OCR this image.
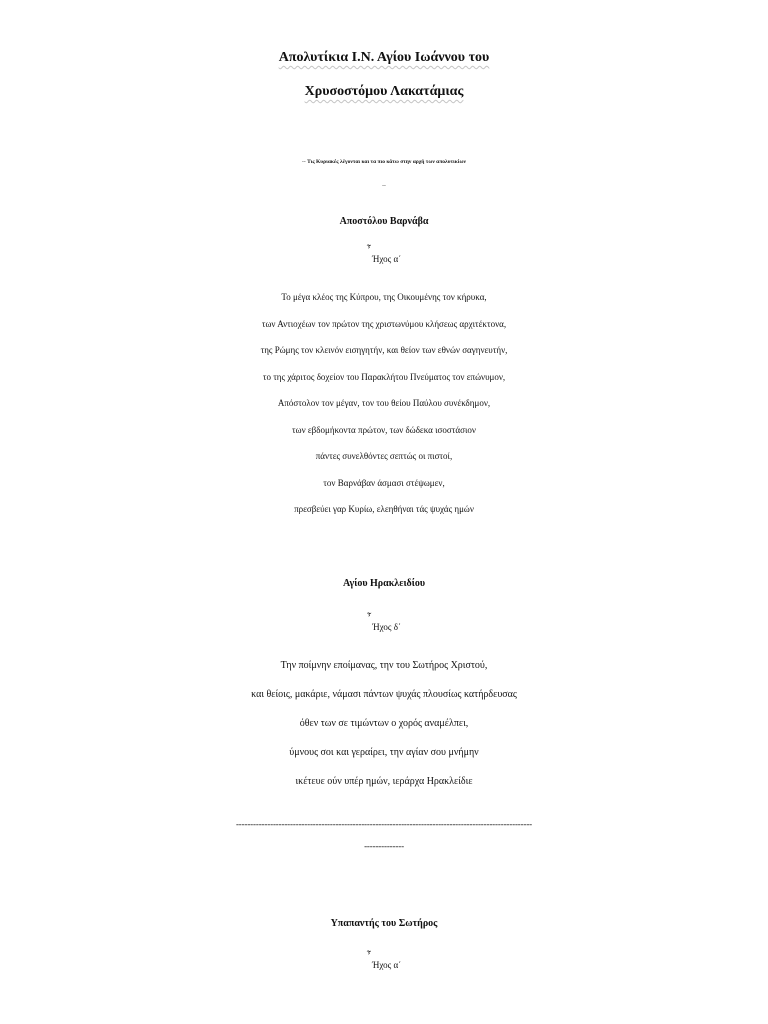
Απολυτίκια Ι.Ν. Αγίου Ιωάννου του
Χρυσοστόμου Λακατάμιας
-- Τις Κυριακές λέγονται και τα πιο κάτω στην αρχή των απολυτικίων
--
Αποστόλου Βαρνάβα
῏Ήχος α΄
Το μέγα κλέος της Κύπρου, της Οικουμένης τον κήρυκα,
των Αντιοχέων τον πρώτον της χριστωνύμου κλήσεως αρχιτέκτονα,
της Ρώμης τον κλεινόν εισηγητήν, και θείον των εθνών σαγηνευτήν,
το της χάριτος δοχείον του Παρακλήτου Πνεύματος τον επώνυμον,
Απόστολον τον μέγαν, τον του θείου Παύλου συνέκδημον,
των εβδομήκοντα πρώτον, των δώδεκα ισοστάσιον
πάντες συνελθόντες σεπτώς οι πιστοί,
τον Βαρνάβαν άσμασι στέψωμεν,
πρεσβεύει γαρ Κυρίω, ελεηθήναι τάς ψυχάς ημών
Αγίου Ηρακλειδίου
῏Ήχος δ΄
Την ποίμνην εποίμανας, την του Σωτήρος Χριστού,
και θείοις, μακάριε, νάμασι πάντων ψυχάς πλουσίως κατήρδευσας
όθεν των σε τιμώντων ο χορός αναμέλπει,
ύμνους σοι και γεραίρει, την αγίαν σου μνήμην
ικέτευε ούν υπέρ ημών, ιεράρχα Ηρακλείδιε
--------------------------------------------------------------------------------------------------------
--------------
Υπαπαντής του Σωτήρος
῏Ήχος α΄
